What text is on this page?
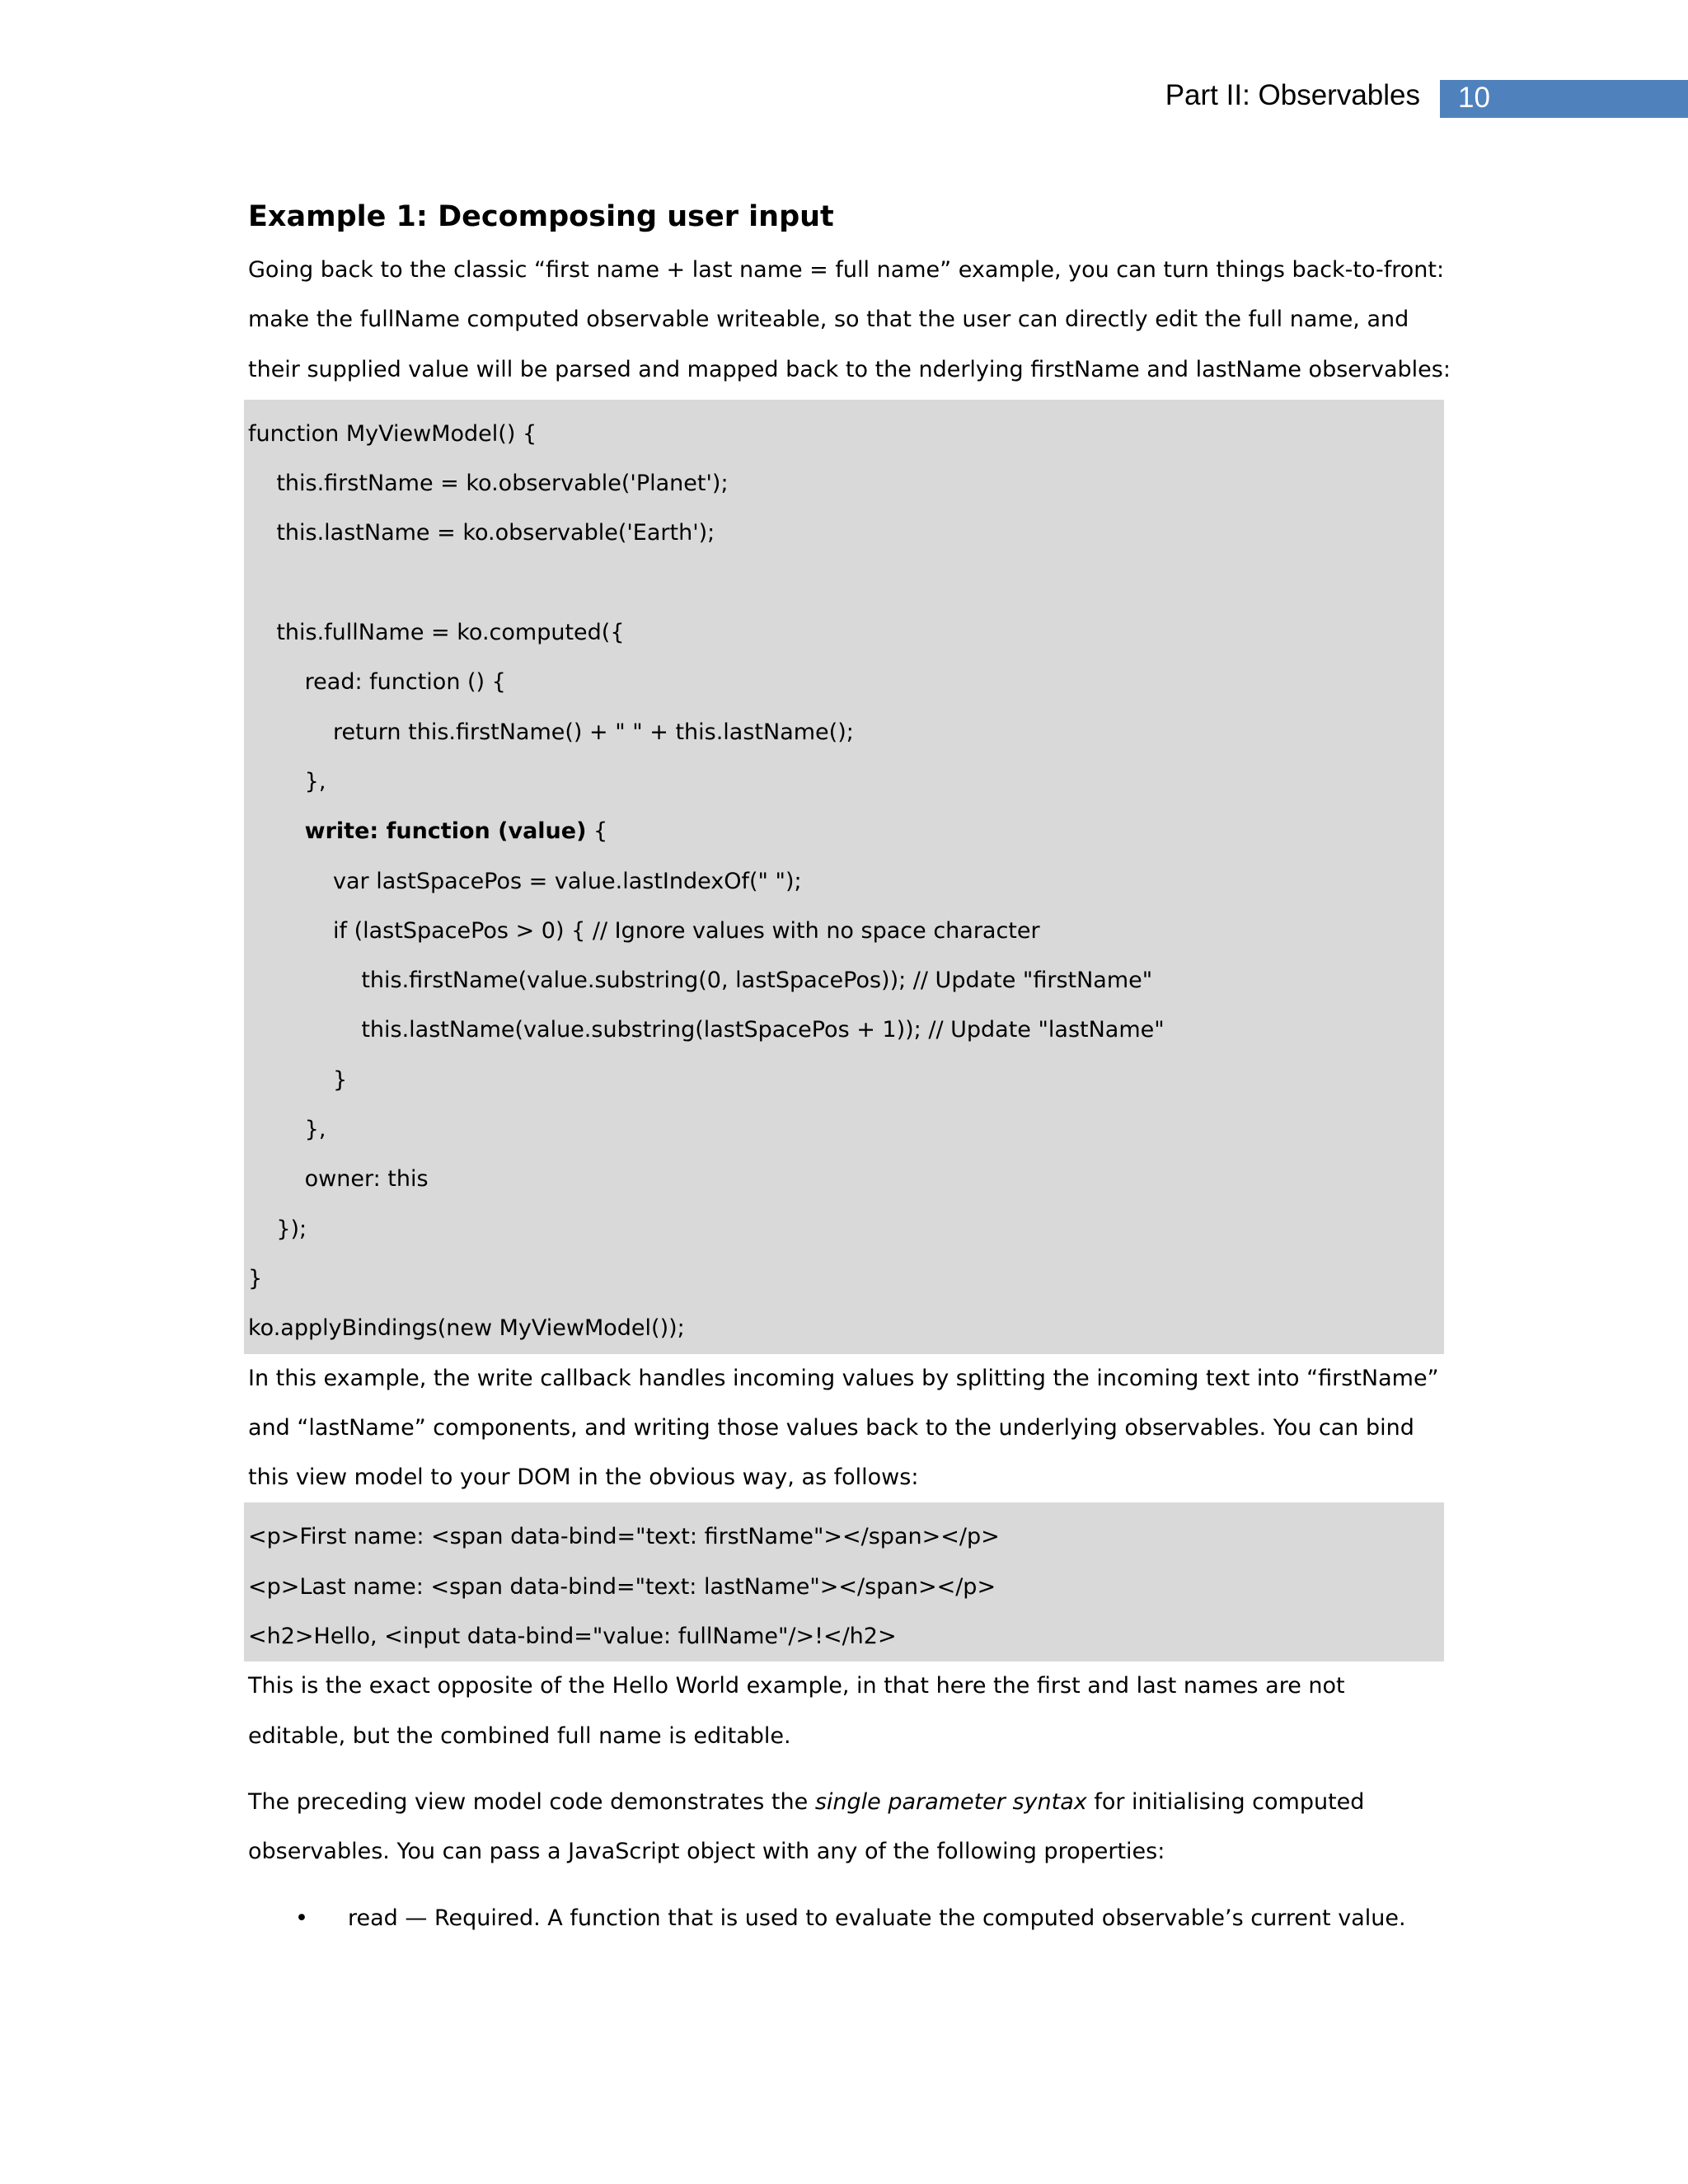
Part II: Observables 10
Example 1: Decomposing user input

Going back to the classic “first name + last name = full name” example, you can turn things back-to-front:

make the fullName computed observable writeable, so that the user can directly edit the full name, and

their supplied value will be parsed and mapped back to the nderlying firstName and lastName observables:

function MyViewModel() {
this.firstName = ko.observable('Planet');
this.lastName = ko.observable('Earth');
this.fullName = ko.computed({
read: function () {
return this.firstName() + " " + this.lastName();
},
write: function (value) {
var lastSpacePos = value.lastIndexOf(" ");
if (lastSpacePos > 0) { // Ignore values with no space character
this.firstName(value.substring(0, lastSpacePos)); // Update "firstName"
this.lastName(value.substring(lastSpacePos + 1)); // Update "lastName"
}
},
owner: this
});
}
ko.applyBindings(new MyViewModel());

In this example, the write callback handles incoming values by splitting the incoming text into “firstName”

and “lastName” components, and writing those values back to the underlying observables. You can bind

this view model to your DOM in the obvious way, as follows:

<p>First name: <span data-bind="text: firstName"></span></p>
<p>Last name: <span data-bind="text: lastName"></span></p>
<h2>Hello, <input data-bind="value: fullName"/>!</h2>

This is the exact opposite of the Hello World example, in that here the first and last names are not

editable, but the combined full name is editable.

The preceding view model code demonstrates the single parameter syntax for initialising computed

observables. You can pass a JavaScript object with any of the following properties:

• read — Required. A function that is used to evaluate the computed observable’s current value.
